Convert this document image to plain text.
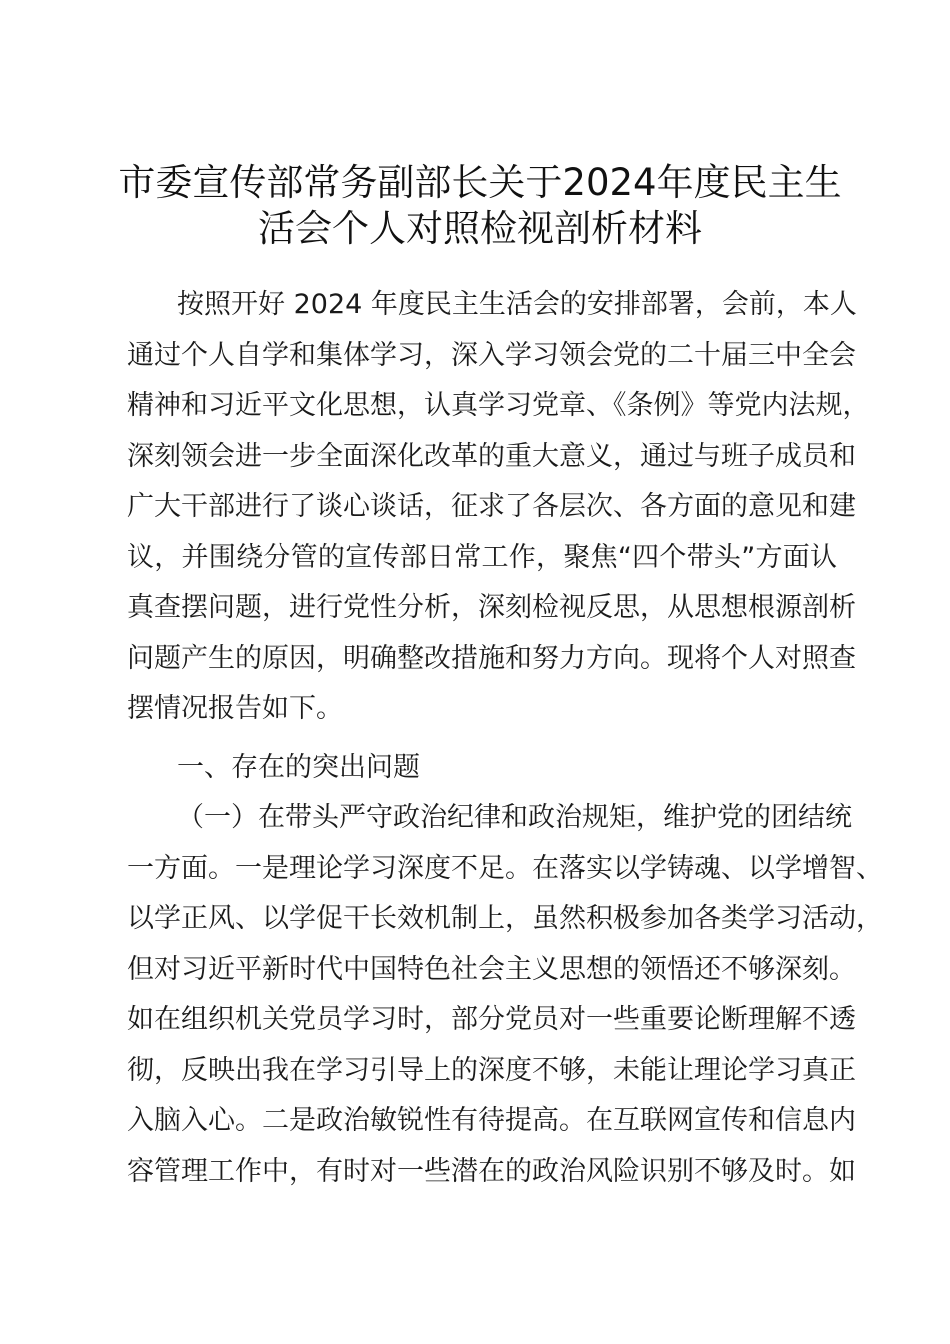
市委宣传部常务副部长关于2024年度民主生
活会个人对照检视剖析材料
按照开好 2024 年度民主生活会的安排部署，会前，本人
通过个人自学和集体学习，深入学习领会党的二十届三中全会
精神和习近平文化思想，认真学习党章、《条例》等党内法规，
深刻领会进一步全面深化改革的重大意义，通过与班子成员和
广大干部进行了谈心谈话，征求了各层次、各方面的意见和建
议，并围绕分管的宣传部日常工作，聚焦“四个带头”方面认
真查摆问题，进行党性分析，深刻检视反思，从思想根源剖析
问题产生的原因，明确整改措施和努力方向。现将个人对照查
摆情况报告如下。
一、存在的突出问题
（一）在带头严守政治纪律和政治规矩，维护党的团结统
一方面。一是理论学习深度不足。在落实以学铸魂、以学增智、
以学正风、以学促干长效机制上，虽然积极参加各类学习活动，
但对习近平新时代中国特色社会主义思想的领悟还不够深刻。
如在组织机关党员学习时，部分党员对一些重要论断理解不透
彻，反映出我在学习引导上的深度不够，未能让理论学习真正
入脑入心。二是政治敏锐性有待提高。在互联网宣传和信息内
容管理工作中，有时对一些潜在的政治风险识别不够及时。如
